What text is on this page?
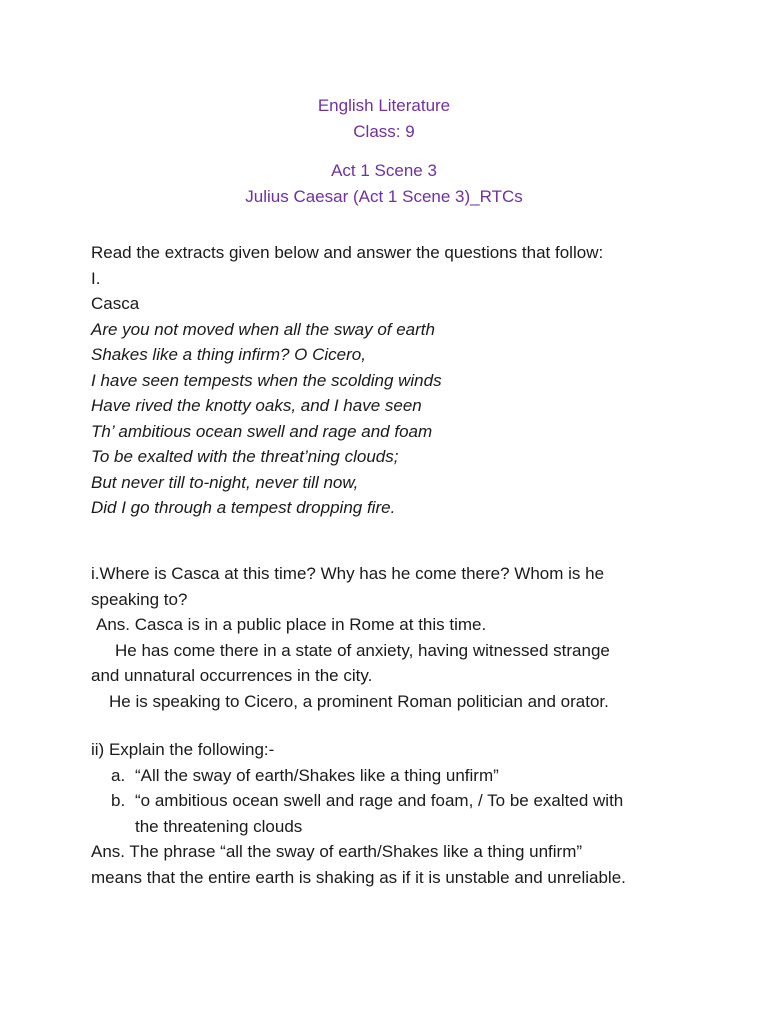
English Literature

Class: 9

Act 1 Scene 3

Julius Caesar (Act 1 Scene 3)_RTCs

Read the extracts given below and answer the questions that follow:
I.
Casca
Are you not moved when all the sway of earth
Shakes like a thing infirm? O Cicero,
I have seen tempests when the scolding winds
Have rived the knotty oaks, and I have seen
Th’ ambitious ocean swell and rage and foam
To be exalted with the threat’ning clouds;
But never till to-night, never till now,
Did I go through a tempest dropping fire.
i.Where is Casca at this time? Why has he come there? Whom is he
speaking to?
Ans. Casca is in a public place in Rome at this time.
He has come there in a state of anxiety, having witnessed strange
and unnatural occurrences in the city.
He is speaking to Cicero, a prominent Roman politician and orator.
ii) Explain the following:-
a. “All the sway of earth/Shakes like a thing unfirm”
b. “o ambitious ocean swell and rage and foam, / To be exalted with
the threatening clouds
Ans. The phrase “all the sway of earth/Shakes like a thing unfirm”
means that the entire earth is shaking as if it is unstable and unreliable.
